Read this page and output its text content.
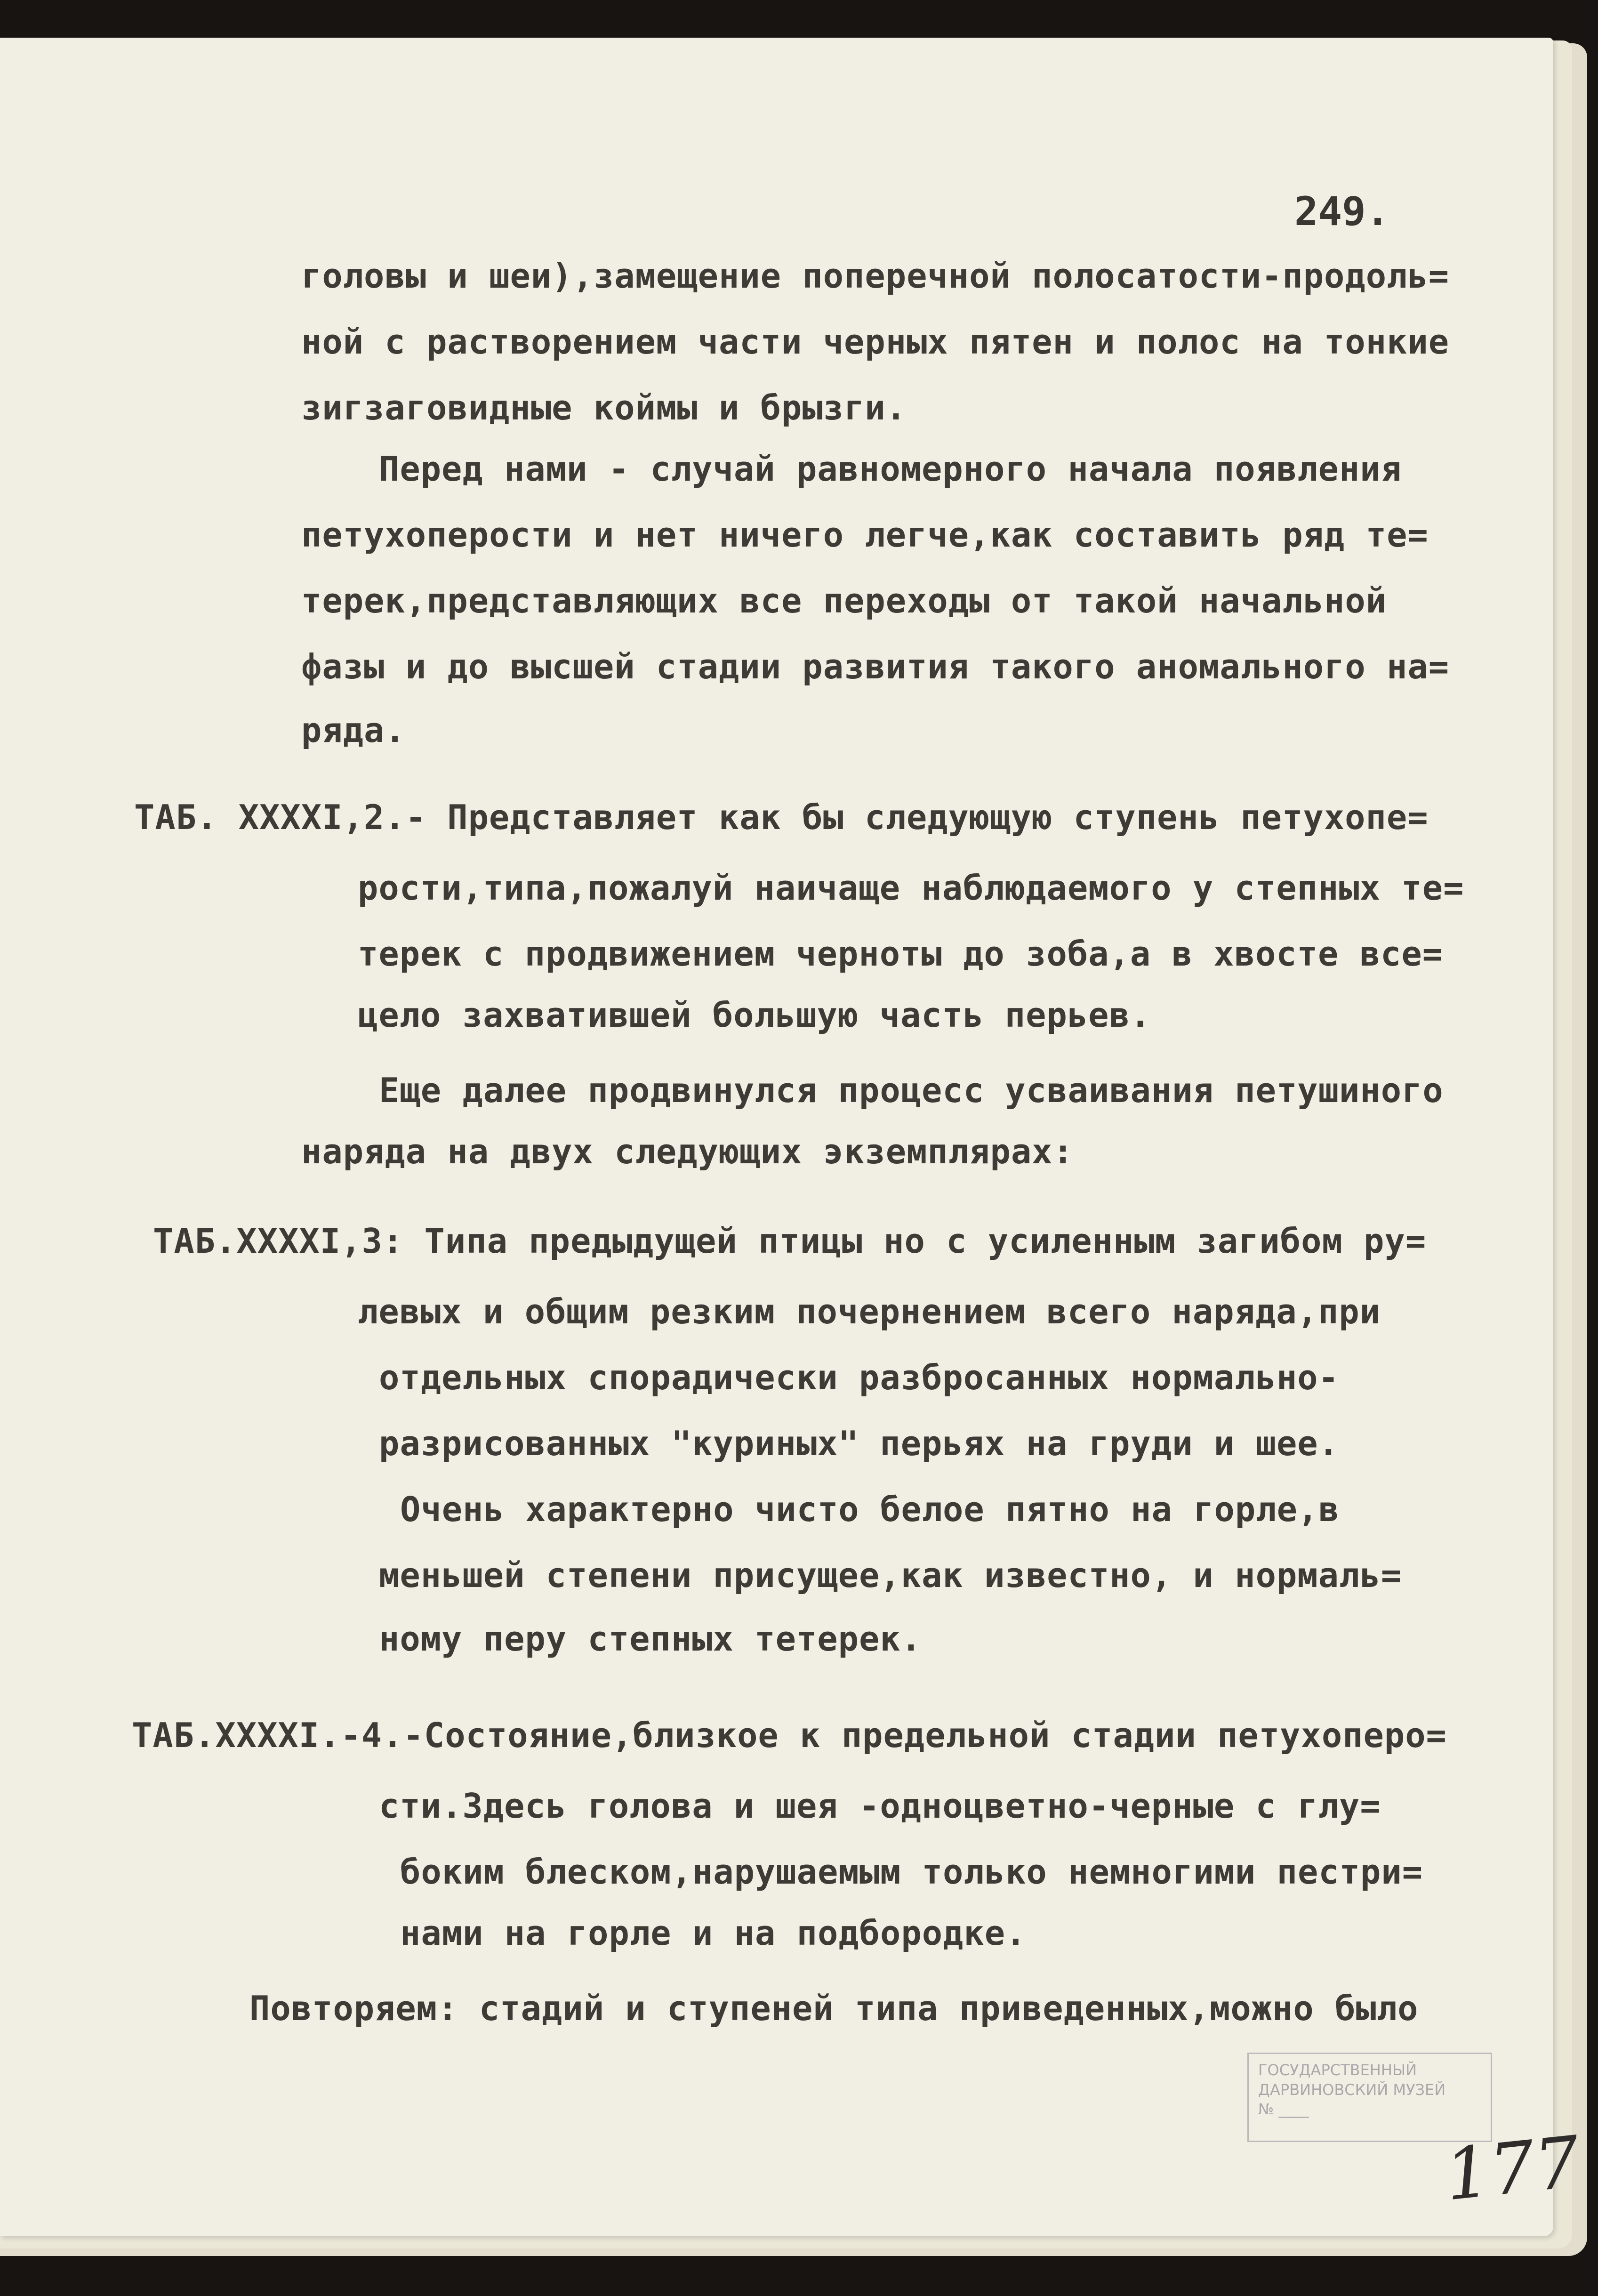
249.

головы и шеи),замещение поперечной полосатости-продоль=

ной с растворением части черных пятен и полос на тонкие

зигзаговидные коймы и брызги.

Перед нами - случай равномерного начала появления

петухоперости и нет ничего легче,как составить ряд те=

терек,представляющих все переходы от такой начальной

фазы и до высшей стадии развития такого аномального на=

ряда.

ТАБ. XXXXI,2.- Представляет как бы следующую ступень петухопе=

рости,типа,пожалуй наичаще наблюдаемого у степных те=

терек с продвижением черноты до зоба,а в хвосте все=

цело захватившей большую часть перьев.

Еще далее продвинулся процесс усваивания петушиного

наряда на двух следующих экземплярах:

ТАБ.XXXXI,3: Типа предыдущей птицы но с усиленным загибом ру=

левых и общим резким почернением всего наряда,при

отдельных спорадически разбросанных нормально-

разрисованных "куриных" перьях на груди и шее.

Очень характерно чисто белое пятно на горле,в

меньшей степени присущее,как известно, и нормаль=

ному перу степных тетерек.

ТАБ.XXXXI.-4.-Состояние,близкое к предельной стадии петухоперо=

сти.Здесь голова и шея -одноцветно-черные с глу=

боким блеском,нарушаемым только немногими пестри=

нами на горле и на подбородке.

Повторяем: стадий и ступеней типа приведенных,можно было

ГОСУДАРСТВЕННЫЙ
ДАРВИНОВСКИЙ МУЗЕЙ
№ ____
177
